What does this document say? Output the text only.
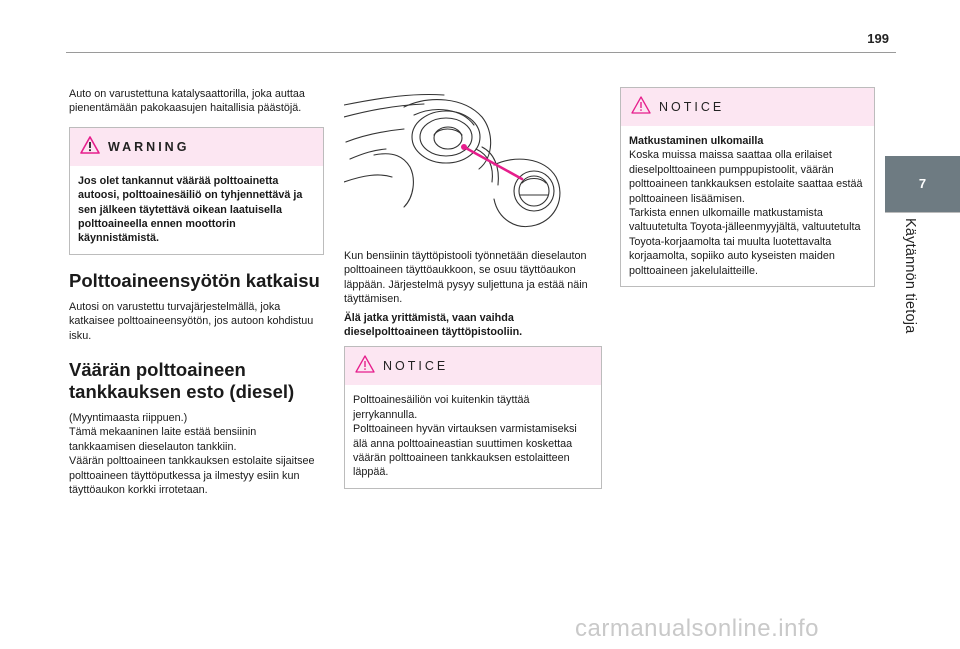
199
7
Käytännön tietoja

Auto on varustettuna katalysaattorilla, joka auttaa pienentämään pakokaasujen haitallisia päästöjä.

WARNING
Jos olet tankannut väärää polttoainetta autoosi, polttoainesäiliö on tyhjennettävä ja sen jälkeen täytettävä oikean laatuisella polttoaineella ennen moottorin käynnistämistä.
Polttoaineensyötön katkaisu

Autosi on varustettu turvajärjestelmällä, joka katkaisee polttoaineensyötön, jos autoon kohdistuu isku.

Väärän polttoaineen
tankkauksen esto (diesel)
(Myyntimaasta riippuen.)
Tämä mekaaninen laite estää bensiinin tankkaamisen dieselauton tankkiin.
Väärän polttoaineen tankkauksen estolaite sijaitsee polttoaineen täyttöputkessa ja ilmestyy esiin kun täyttöaukon korkki irrotetaan.

Kun bensiinin täyttöpistooli työnnetään dieselauton polttoaineen täyttöaukkoon, se osuu täyttöaukon läppään. Järjestelmä pysyy suljettuna ja estää näin täyttämisen.

Älä jatka yrittämistä, vaan vaihda dieselpolttoaineen täyttöpistooliin.

NOTICE
Polttoainesäiliön voi kuitenkin täyttää jerrykannulla.
Polttoaineen hyvän virtauksen varmistamiseksi älä anna polttoaineastian suuttimen koskettaa väärän polttoaineen tankkauksen estolaitteen läppää.
NOTICE
Matkustaminen ulkomailla
Koska muissa maissa saattaa olla erilaiset dieselpolttoaineen pumppupistoolit, väärän polttoaineen tankkauksen estolaite saattaa estää polttoaineen lisäämisen.
Tarkista ennen ulkomaille matkustamista valtuutetulta Toyota-jälleenmyyjältä, valtuutetulta Toyota-korjaamolta tai muulta luotettavalta korjaamolta, sopiiko auto kyseisten maiden polttoaineen jakelulaitteille.
carmanualsonline.info
